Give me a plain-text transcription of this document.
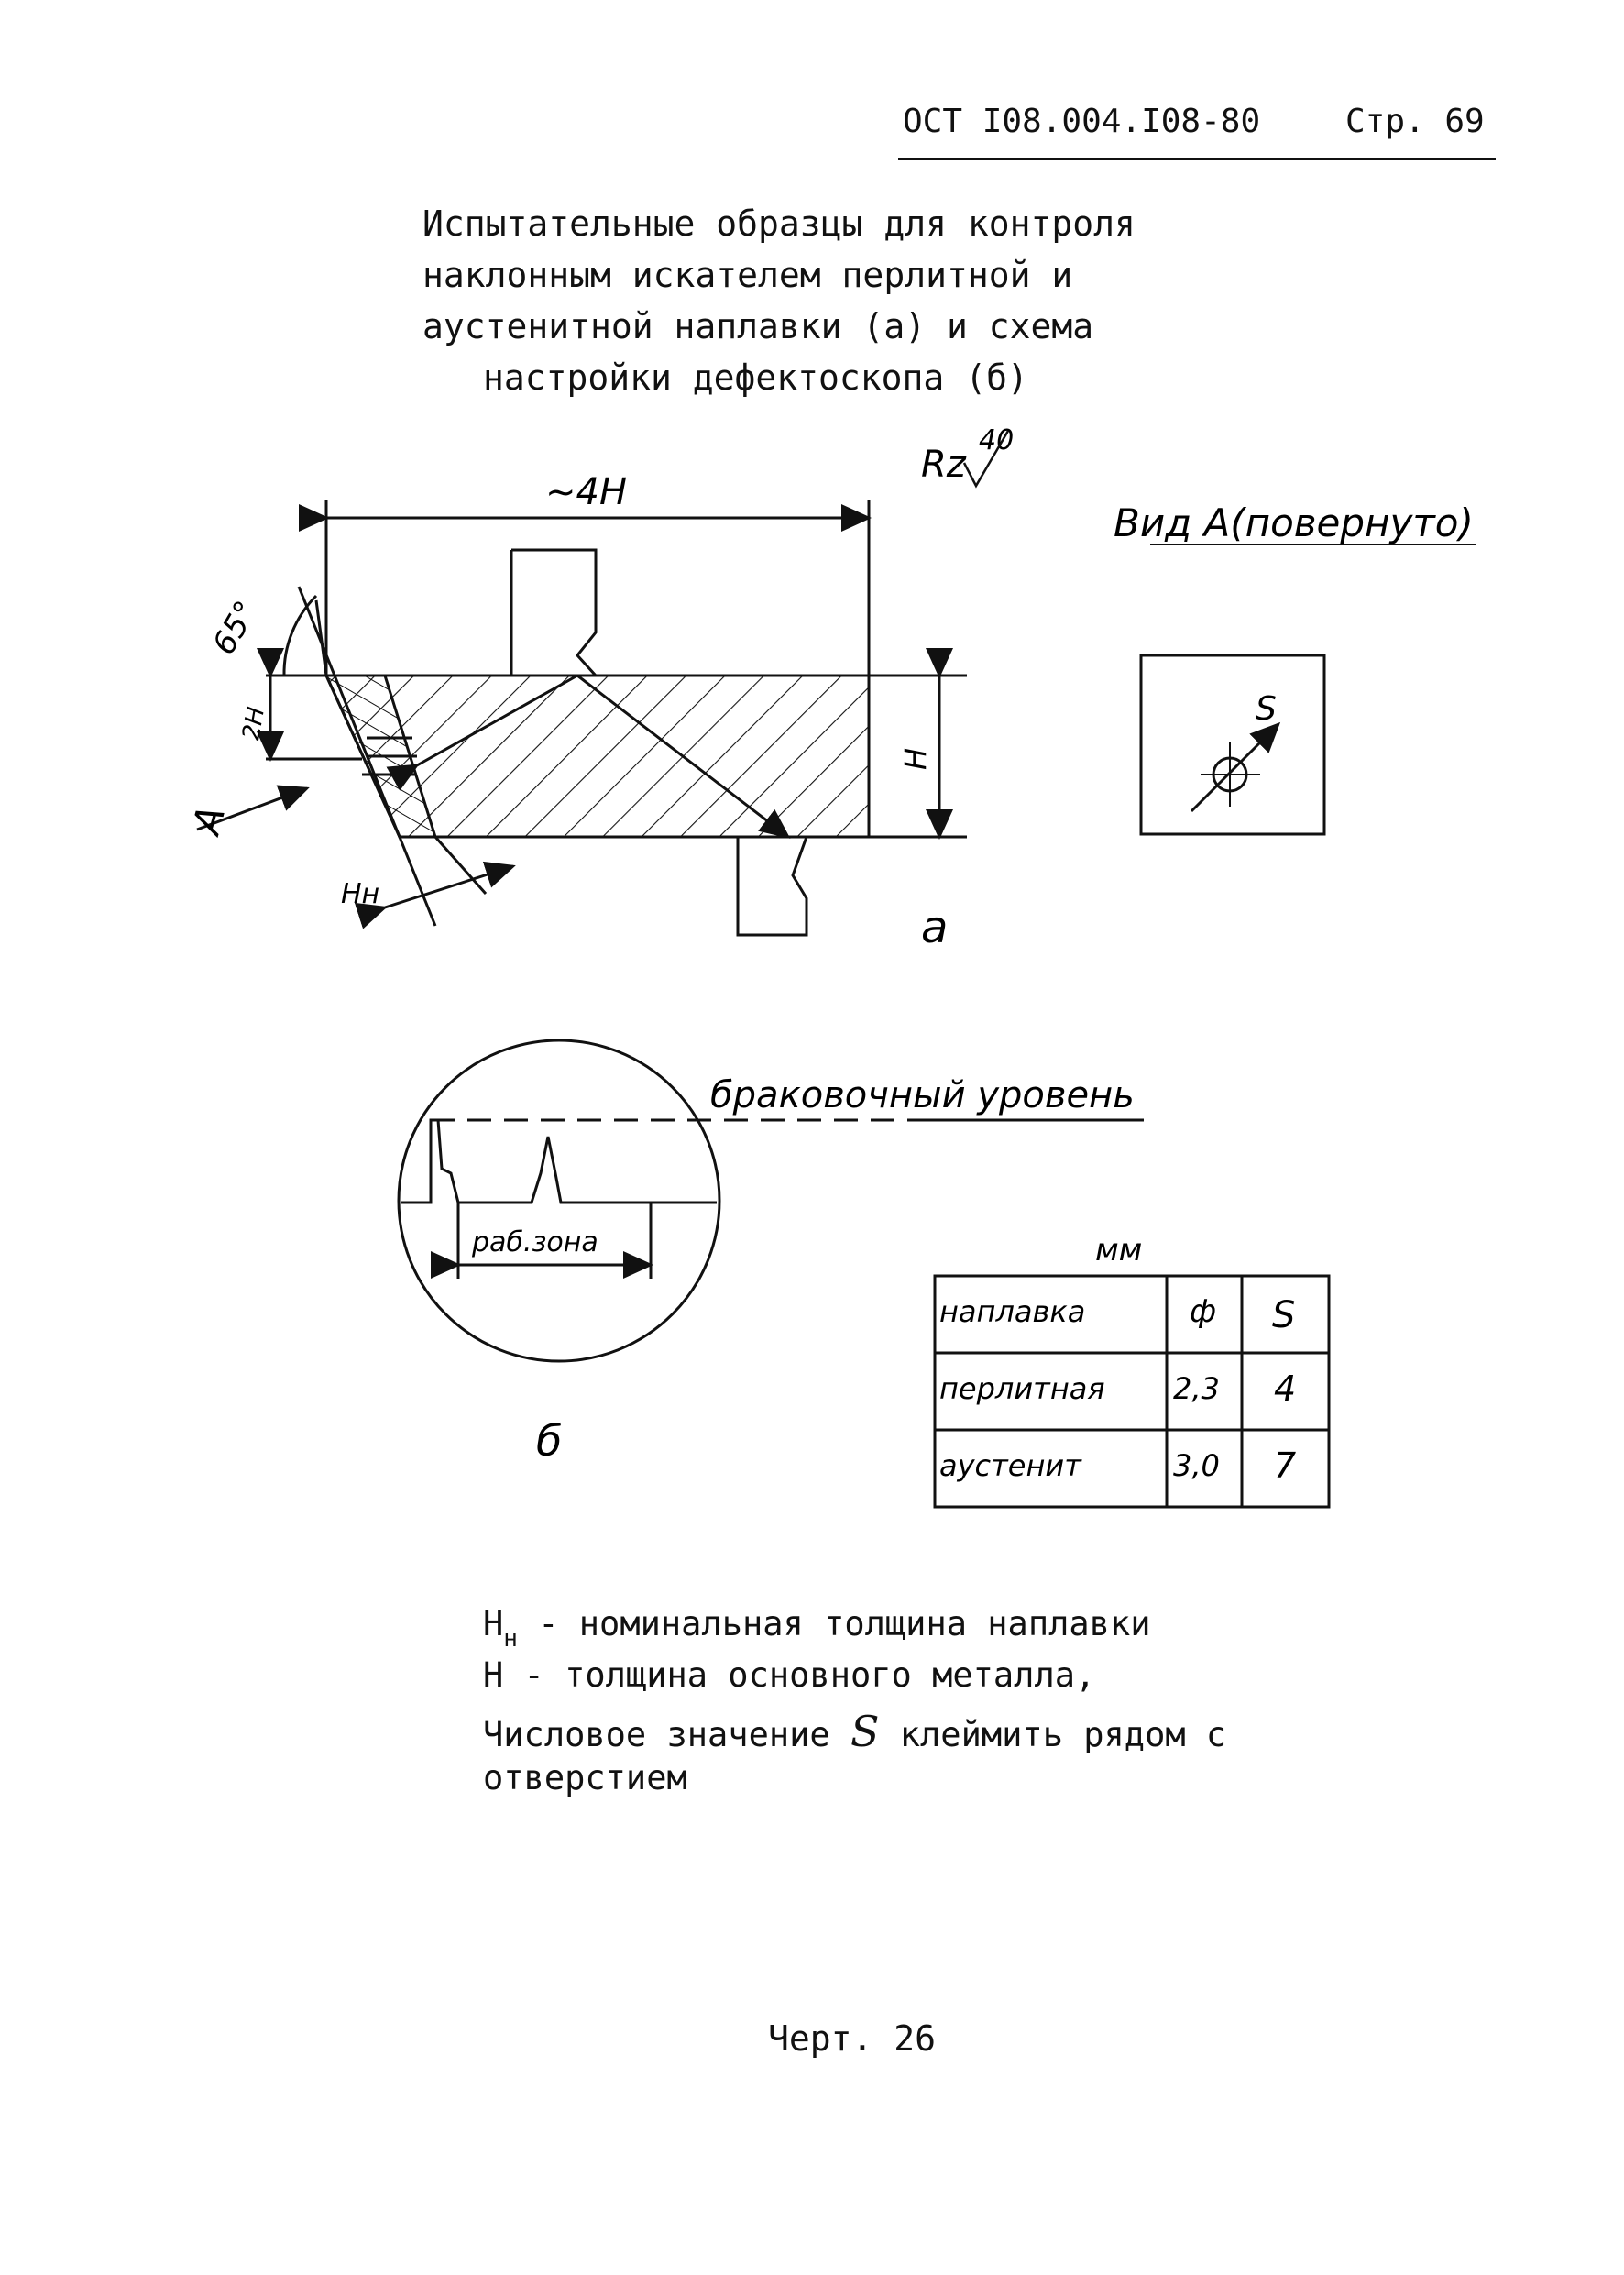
ОСТ I08.004.I08-80	Стр. 69
Испытательные образцы для контроля
наклонным искателем перлитной и
аустенитной наплавки (а) и схема
настройки дефектоскопа (б)
Rz
40
~4H
65°
A
2H
Hн
H
а
Вид А(повернуто)
S
браковочный уровень
раб.зона
б
мм
наплавка	ф S
перлитная 2,3 4
аустенит	3,0 7
$H_н$ - номинальная толщина наплавки
H - толщина основного металла,
Числовое значение S клеймить рядом с
отверстием
Черт. 26
